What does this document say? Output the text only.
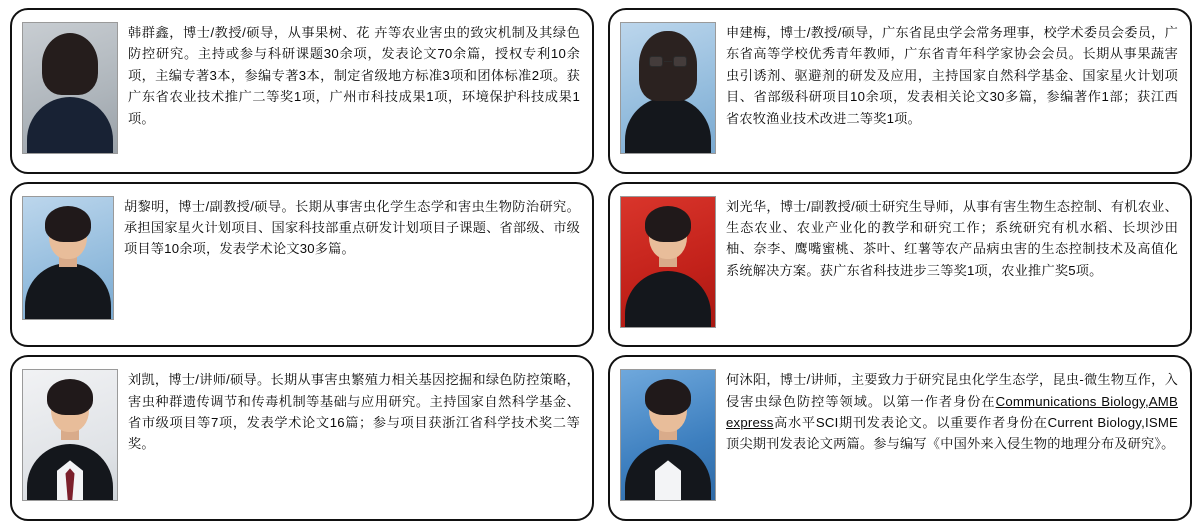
韩群鑫，博士/教授/硕导，从事果树、花 卉等农业害虫的致灾机制及其绿色防控研究。主持或参与科研课题30余项，发表论文70余篇，授权专利10余项，主编专著3本，参编专著3本，制定省级地方标准3项和团体标准2项。获广东省农业技术推广二等奖1项，广州市科技成果1项，环境保护科技成果1项。
申建梅，博士/教授/硕导，广东省昆虫学会常务理事，校学术委员会委员，广东省高等学校优秀青年教师，广东省青年科学家协会会员。长期从事果蔬害虫引诱剂、驱避剂的研发及应用，主持国家自然科学基金、国家星火计划项目、省部级科研项目10余项，发表相关论文30多篇，参编著作1部；获江西省农牧渔业技术改进二等奖1项。
胡黎明，博士/副教授/硕导。长期从事害虫化学生态学和害虫生物防治研究。承担国家星火计划项目、国家科技部重点研发计划项目子课题、省部级、市级项目等10余项，发表学术论文30多篇。
刘光华，博士/副教授/硕士研究生导师，从事有害生物生态控制、有机农业、生态农业、农业产业化的教学和研究工作；系统研究有机水稻、长坝沙田柚、奈李、鹰嘴蜜桃、茶叶、红薯等农产品病虫害的生态控制技术及高值化系统解决方案。获广东省科技进步三等奖1项，农业推广奖5项。
刘凯，博士/讲师/硕导。长期从事害虫繁殖力相关基因挖掘和绿色防控策略，害虫种群遗传调节和传毒机制等基础与应用研究。主持国家自然科学基金、省市级项目等7项，发表学术论文16篇；参与项目获浙江省科学技术奖二等奖。
何沐阳，博士/讲师，主要致力于研究昆虫化学生态学，昆虫-微生物互作，入侵害虫绿色防控等领域。以第一作者身份在Communications Biology,AMB express高水平SCI期刊发表论文。以重要作者身份在Current Biology,ISME顶尖期刊发表论文两篇。参与编写《中国外来入侵生物的地理分布及研究》。
